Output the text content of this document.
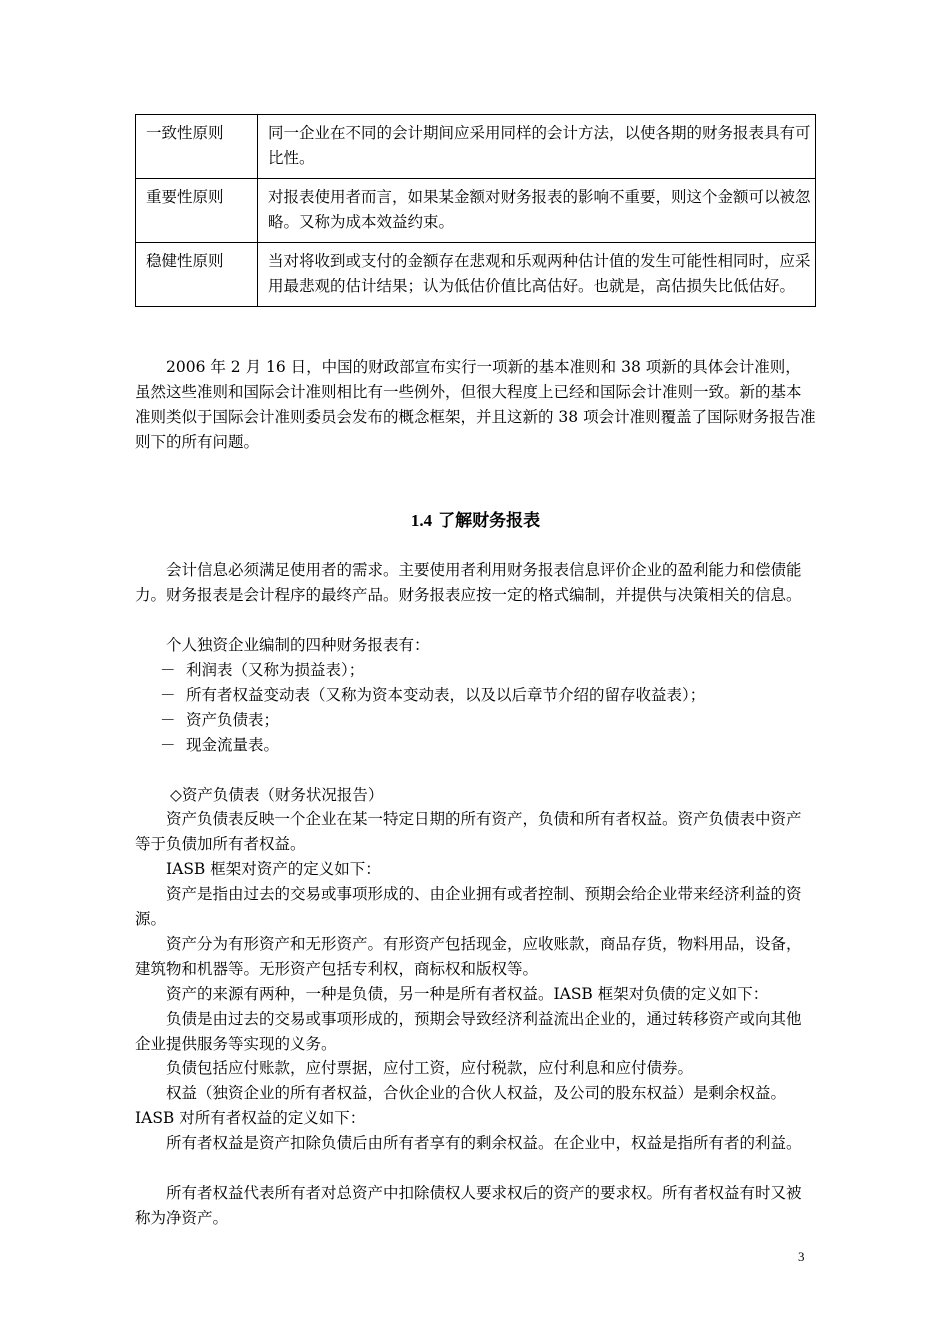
一致性原则	同一企业在不同的会计期间应采用同样的会计方法，以使各期的财务报表具有可比性。
重要性原则	对报表使用者而言，如果某金额对财务报表的影响不重要，则这个金额可以被忽略。又称为成本效益约束。
稳健性原则	当对将收到或支付的金额存在悲观和乐观两种估计值的发生可能性相同时，应采用最悲观的估计结果；认为低估价值比高估好。也就是，高估损失比低估好。

2006 年 2 月 16 日，中国的财政部宣布实行一项新的基本准则和 38 项新的具体会计准则，虽然这些准则和国际会计准则相比有一些例外，但很大程度上已经和国际会计准则一致。新的基本准则类似于国际会计准则委员会发布的概念框架，并且这新的 38 项会计准则覆盖了国际财务报告准则下的所有问题。

1.4 了解财务报表

会计信息必须满足使用者的需求。主要使用者利用财务报表信息评价企业的盈利能力和偿债能力。财务报表是会计程序的最终产品。财务报表应按一定的格式编制，并提供与决策相关的信息。

个人独资企业编制的四种财务报表有：

－ 利润表（又称为损益表）；

－ 所有者权益变动表（又称为资本变动表，以及以后章节介绍的留存收益表）；

－ 资产负债表；

－ 现金流量表。

◇资产负债表（财务状况报告）

资产负债表反映一个企业在某一特定日期的所有资产，负债和所有者权益。资产负债表中资产等于负债加所有者权益。

IASB 框架对资产的定义如下：

资产是指由过去的交易或事项形成的、由企业拥有或者控制、预期会给企业带来经济利益的资源。

资产分为有形资产和无形资产。有形资产包括现金，应收账款，商品存货，物料用品，设备，建筑物和机器等。无形资产包括专利权，商标权和版权等。

资产的来源有两种，一种是负债，另一种是所有者权益。IASB 框架对负债的定义如下：

负债是由过去的交易或事项形成的，预期会导致经济利益流出企业的，通过转移资产或向其他企业提供服务等实现的义务。

负债包括应付账款，应付票据，应付工资，应付税款，应付利息和应付债券。

权益（独资企业的所有者权益，合伙企业的合伙人权益，及公司的股东权益）是剩余权益。IASB 对所有者权益的定义如下：

所有者权益是资产扣除负债后由所有者享有的剩余权益。在企业中，权益是指所有者的利益。

所有者权益代表所有者对总资产中扣除债权人要求权后的资产的要求权。所有者权益有时又被称为净资产。

3
